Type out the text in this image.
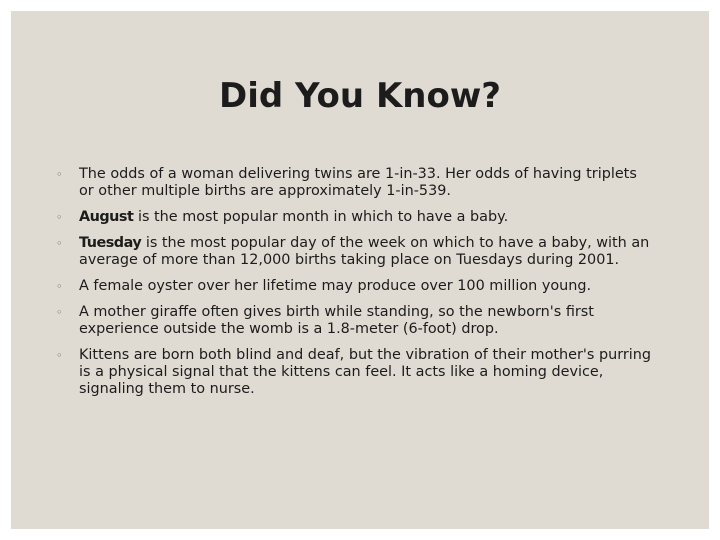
Did You Know?
◦ The odds of a woman delivering twins are 1-in-33. Her odds of having triplets or other multiple births are approximately 1-in-539.
◦ August is the most popular month in which to have a baby.
◦ Tuesday is the most popular day of the week on which to have a baby, with an average of more than 12,000 births taking place on Tuesdays during 2001.
◦ A female oyster over her lifetime may produce over 100 million young.
◦ A mother giraffe often gives birth while standing, so the newborn's first experience outside the womb is a 1.8-meter (6-foot) drop.
◦ Kittens are born both blind and deaf, but the vibration of their mother's purring is a physical signal that the kittens can feel. It acts like a homing device, signaling them to nurse.
